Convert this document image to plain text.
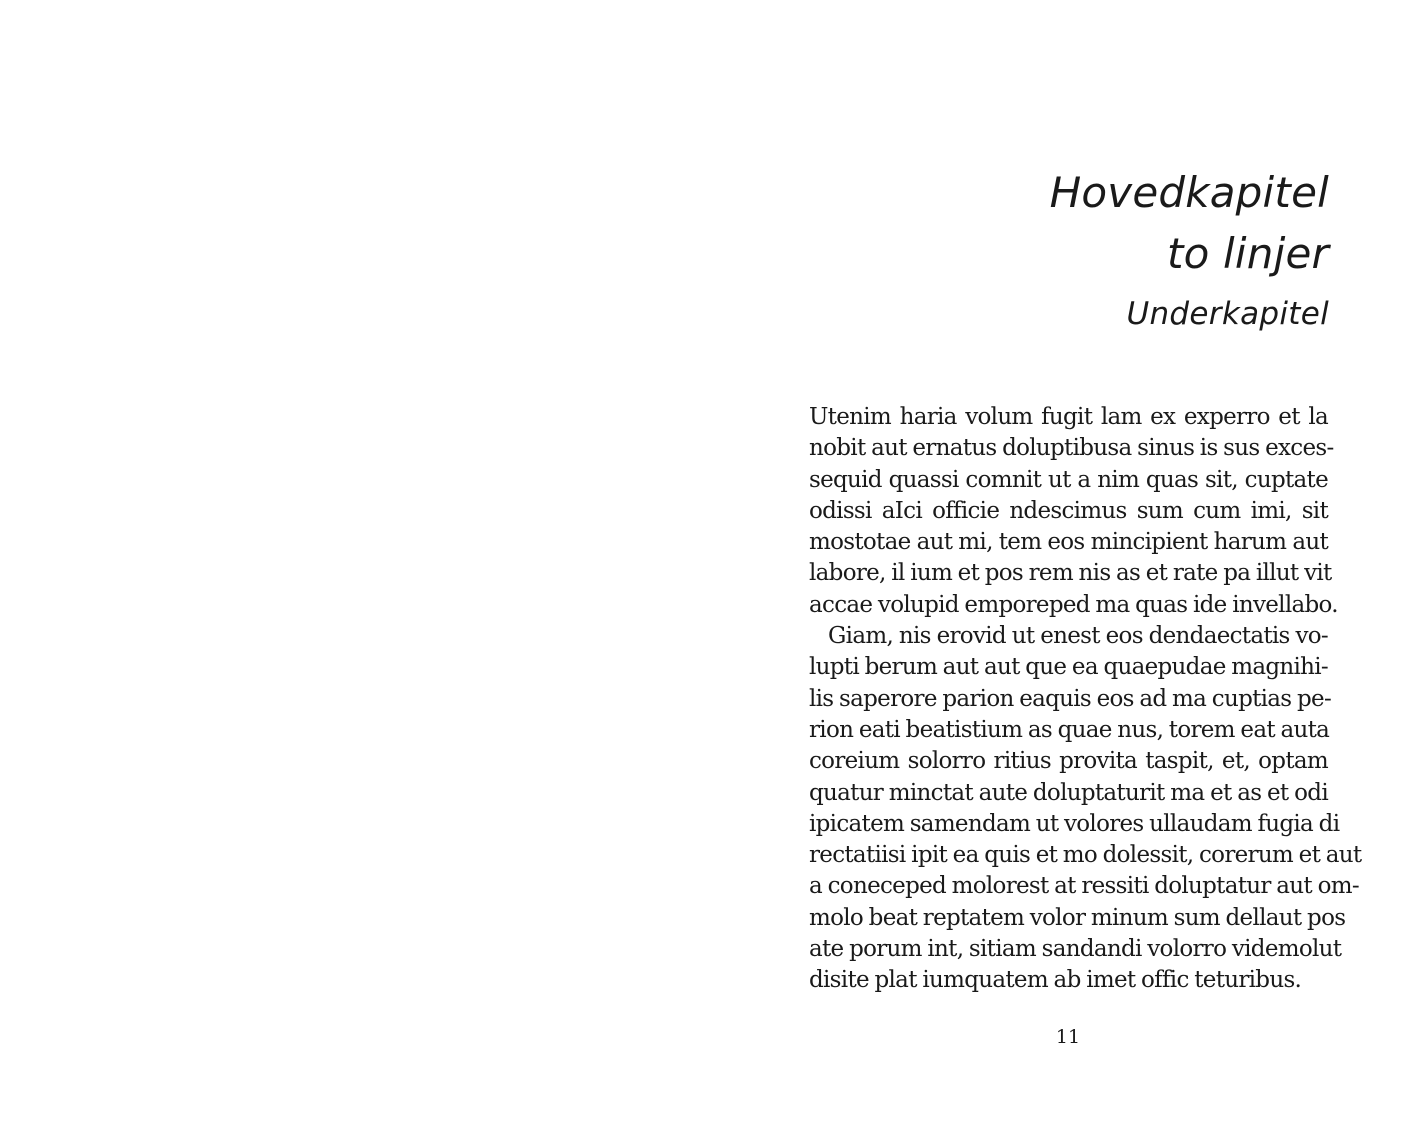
Hovedkapitel
to linjer
Underkapitel

Utenim haria volum fugit lam ex experro et la
nobit aut ernatus doluptibusa sinus is sus exces-
sequid quassi comnit ut a nim quas sit, cuptate
odissi aIci officie ndescimus sum cum imi, sit
mostotae aut mi, tem eos mincipient harum aut
labore, il ium et pos rem nis as et rate pa illut vit
accae volupid emporeped ma quas ide invellabo.

Giam, nis erovid ut enest eos dendaectatis vo-
lupti berum aut aut que ea quaepudae magnihi-
lis saperore parion eaquis eos ad ma cuptias pe-
rion eati beatistium as quae nus, torem eat auta
coreium solorro ritius provita taspit, et, optam
quatur minctat aute doluptaturit ma et as et odi
ipicatem samendam ut volores ullaudam fugia di
rectatiisi ipit ea quis et mo dolessit, corerum et aut
a coneceped molorest at ressiti doluptatur aut om-
molo beat reptatem volor minum sum dellaut pos
ate porum int, sitiam sandandi volorro videmolut
disite plat iumquatem ab imet offic teturibus.

11
